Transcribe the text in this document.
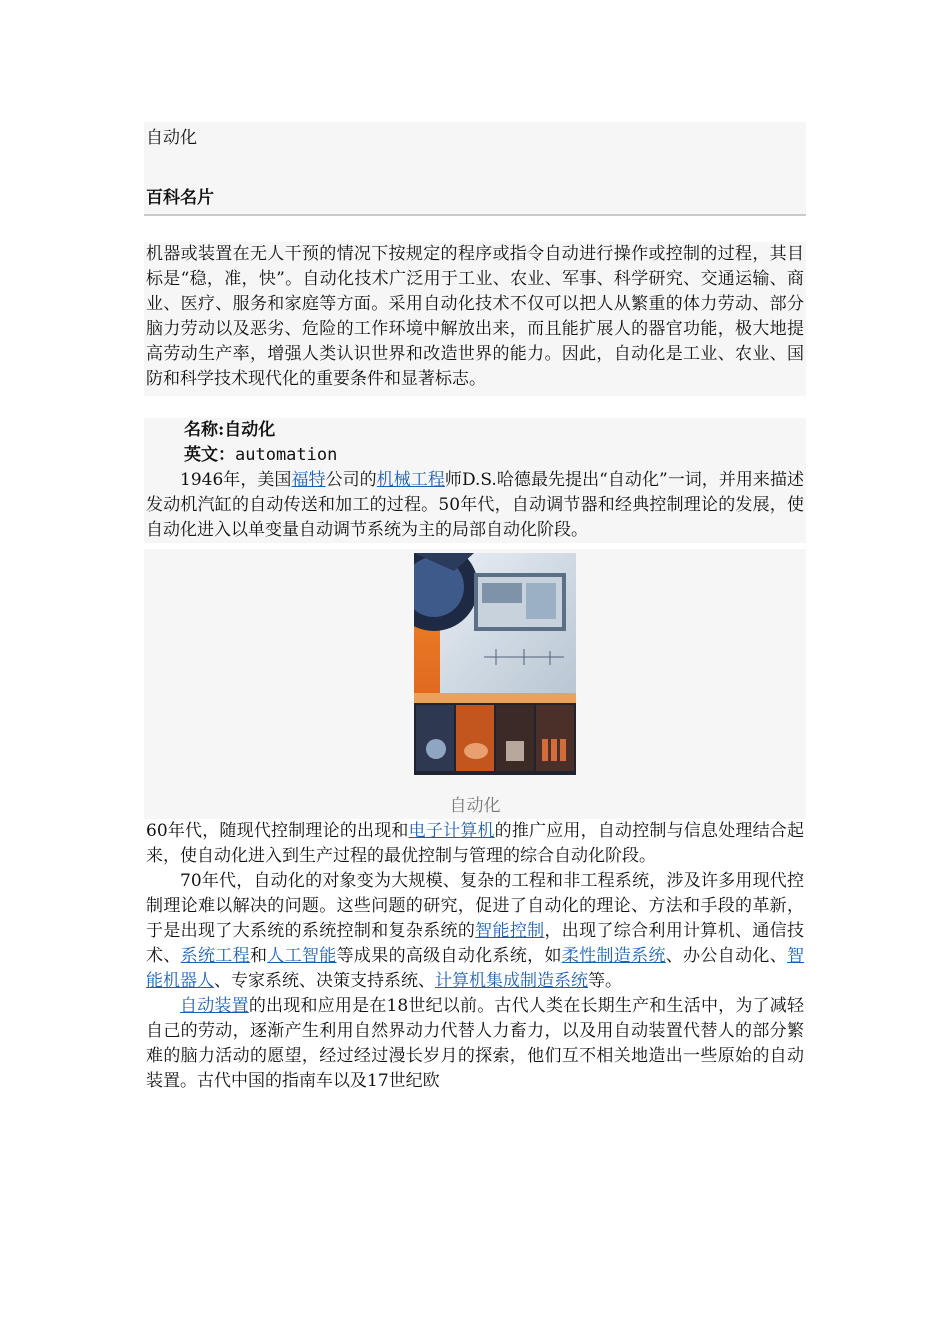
自动化
百科名片

机器或装置在无人干预的情况下按规定的程序或指令自动进行操作或控制的过程，其目标是“稳，准，快”。自动化技术广泛用于工业、农业、军事、科学研究、交通运输、商业、医疗、服务和家庭等方面。采用自动化技术不仅可以把人从繁重的体力劳动、部分脑力劳动以及恶劣、危险的工作环境中解放出来，而且能扩展人的器官功能，极大地提高劳动生产率，增强人类认识世界和改造世界的能力。因此，自动化是工业、农业、国防和科学技术现代化的重要条件和显著标志。

名称:自动化
英文：automation

1946年，美国福特公司的机械工程师D.S.哈德最先提出“自动化”一词，并用来描述发动机汽缸的自动传送和加工的过程。50年代，自动调节器和经典控制理论的发展，使自动化进入以单变量自动调节系统为主的局部自动化阶段。

自动化

60年代，随现代控制理论的出现和电子计算机的推广应用，自动控制与信息处理结合起来，使自动化进入到生产过程的最优控制与管理的综合自动化阶段。

70年代，自动化的对象变为大规模、复杂的工程和非工程系统，涉及许多用现代控制理论难以解决的问题。这些问题的研究，促进了自动化的理论、方法和手段的革新，于是出现了大系统的系统控制和复杂系统的智能控制，出现了综合利用计算机、通信技术、系统工程和人工智能等成果的高级自动化系统，如柔性制造系统、办公自动化、智能机器人、专家系统、决策支持系统、计算机集成制造系统等。

自动装置的出现和应用是在18世纪以前。古代人类在长期生产和生活中，为了减轻自己的劳动，逐渐产生利用自然界动力代替人力畜力，以及用自动装置代替人的部分繁难的脑力活动的愿望，经过经过漫长岁月的探索，他们互不相关地造出一些原始的自动装置。古代中国的指南车以及17世纪欧
